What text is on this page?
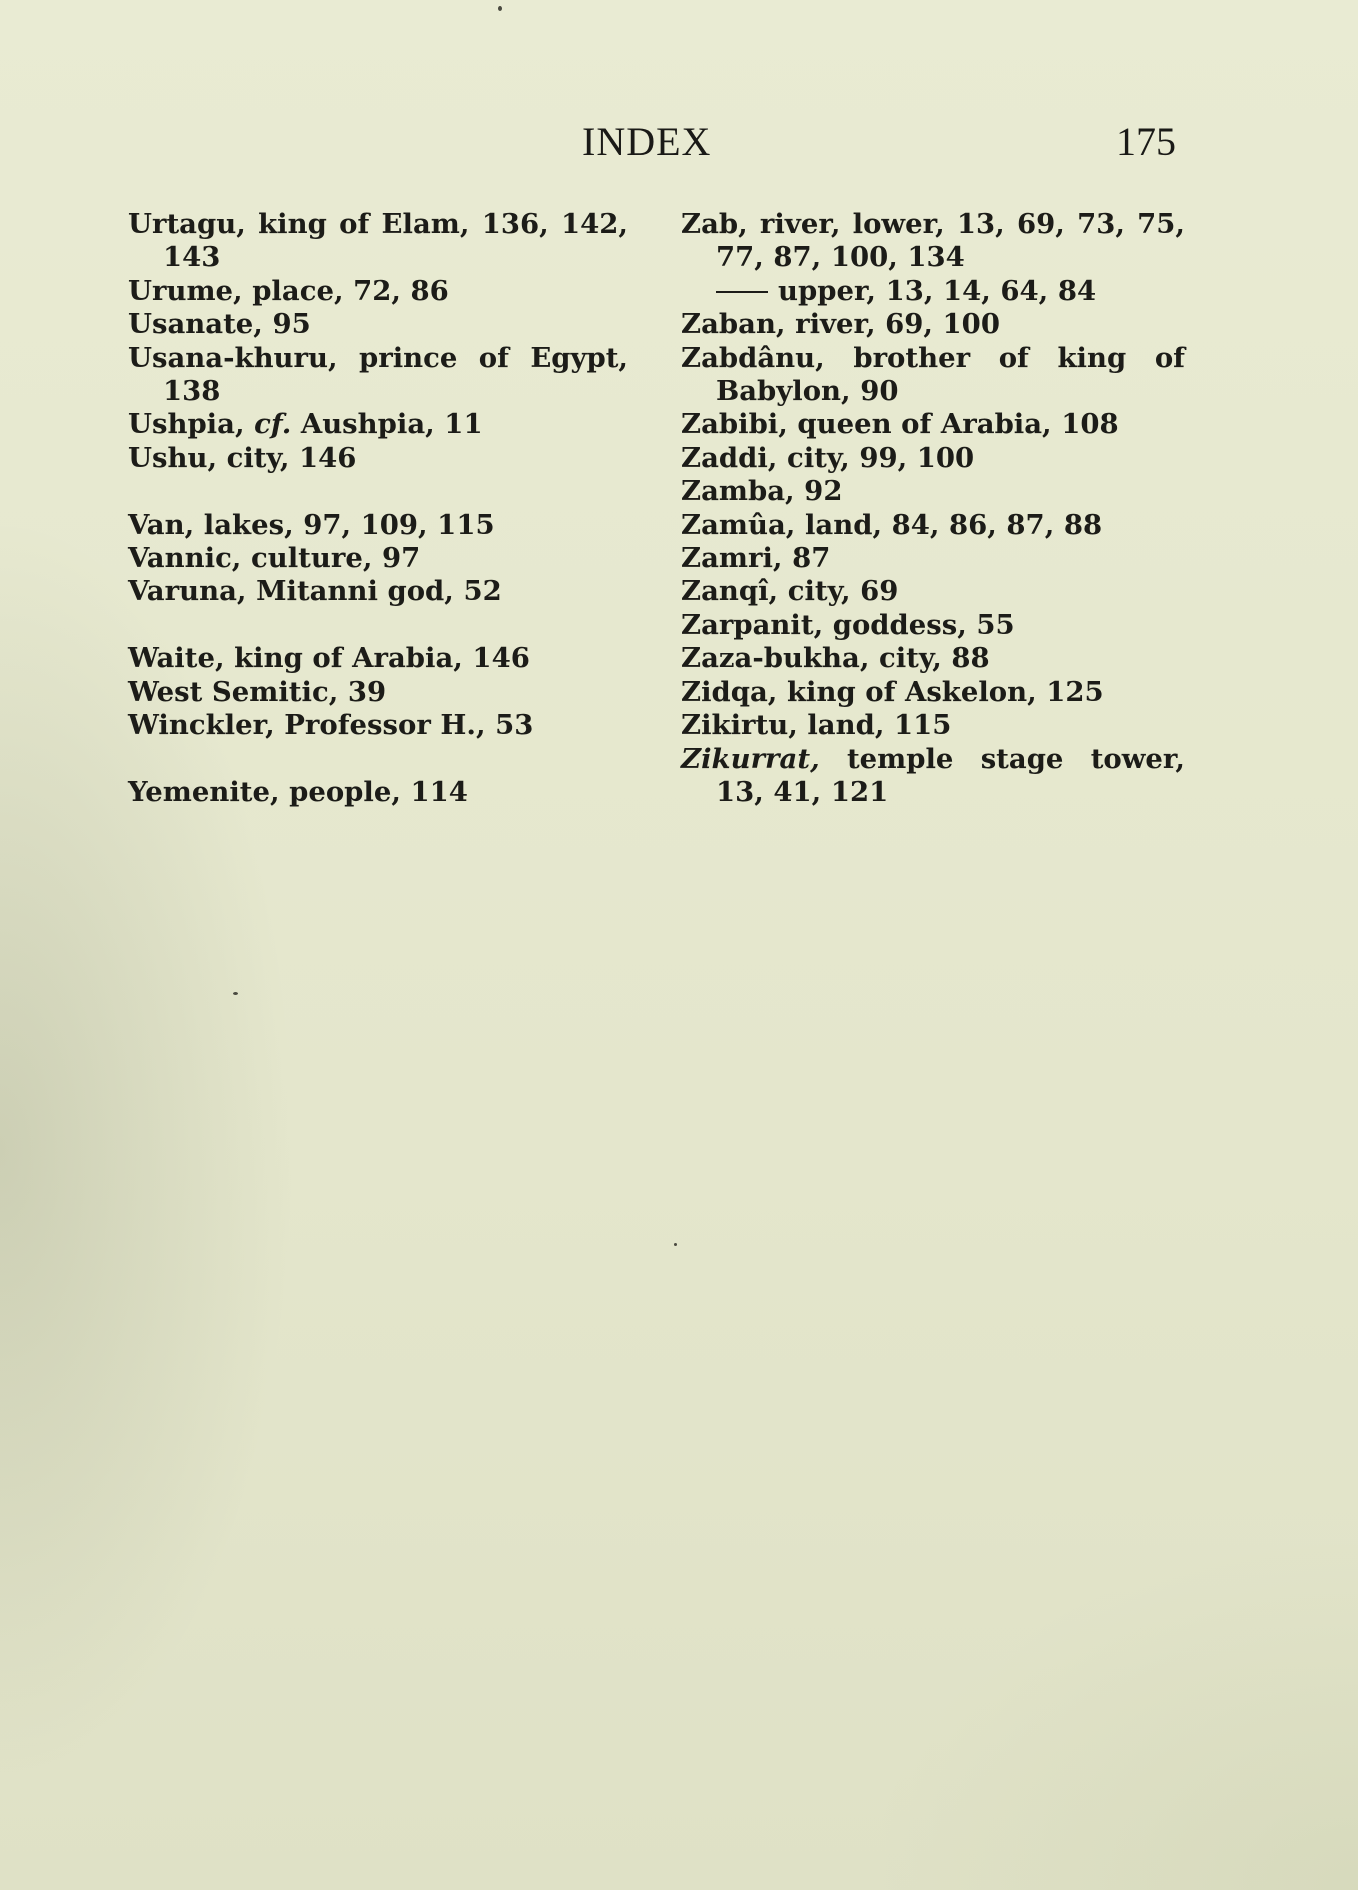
INDEX	175
Urtagu, king of Elam, 136, 142, 143
Urume, place, 72, 86
Usanate, 95
Usana-khuru, prince of Egypt, 138
Ushpia, cf. Aushpia, 11
Ushu, city, 146
Van, lakes, 97, 109, 115
Vannic, culture, 97
Varuna, Mitanni god, 52
Waite, king of Arabia, 146
West Semitic, 39
Winckler, Professor H., 53
Yemenite, people, 114
Zab, river, lower, 13, 69, 73, 75, 77, 87, 100, 134
upper, 13, 14, 64, 84
Zaban, river, 69, 100
Zabdânu, brother of king of Babylon, 90
Zabibi, queen of Arabia, 108
Zaddi, city, 99, 100
Zamba, 92
Zamûa, land, 84, 86, 87, 88
Zamri, 87
Zanqî, city, 69
Zarpanit, goddess, 55
Zaza-bukha, city, 88
Zidqa, king of Askelon, 125
Zikirtu, land, 115
Zikurrat, temple stage tower, 13, 41, 121
